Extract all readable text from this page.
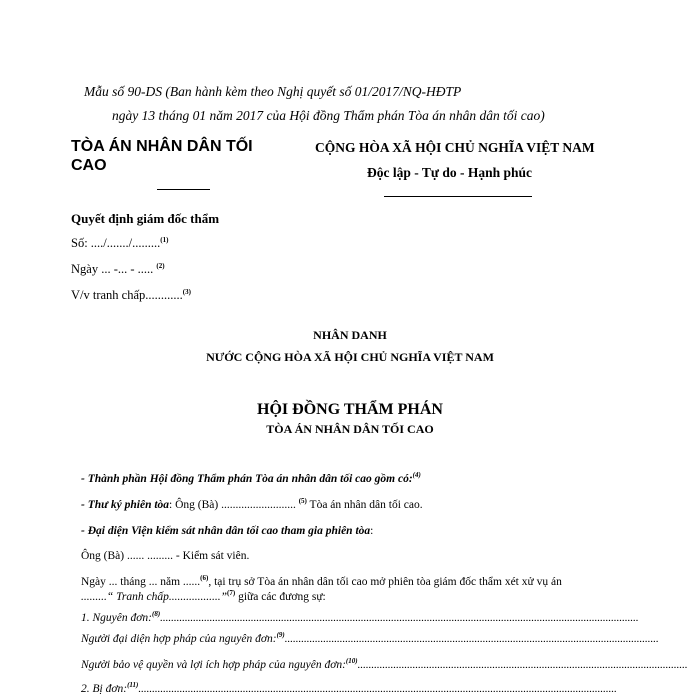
Mẫu số 90-DS (Ban hành kèm theo Nghị quyết số 01/2017/NQ-HĐTP
ngày 13 tháng 01 năm 2017 của Hội đồng Thẩm phán Tòa án nhân dân tối cao)
TÒA ÁN NHÂN DÂN TỐI
CAO
CỘNG HÒA XÃ HỘI CHỦ NGHĨA VIỆT NAM
Độc lập - Tự do - Hạnh phúc
Quyết định giám đốc thẩm
Số: ..../......./.........$^{(1)}$
Ngày ... -... - ..... $^{(2)}$
V/v tranh chấp............$^{(3)}$
NHÂN DANH
NƯỚC CỘNG HÒA XÃ HỘI CHỦ NGHĨA VIỆT NAM
HỘI ĐỒNG THẨM PHÁN
TÒA ÁN NHÂN DÂN TỐI CAO
- Thành phần Hội đồng Thẩm phán Tòa án nhân dân tối cao gồm có:$^{(4)}$
- Thư ký phiên tòa: Ông (Bà) .......................... $^{(5)}$ Tòa án nhân dân tối cao.
- Đại diện Viện kiểm sát nhân dân tối cao tham gia phiên tòa:
Ông (Bà) ...... ......... - Kiểm sát viên.
Ngày ... tháng ... năm ......$^{(6)}$, tại trụ sở Tòa án nhân dân tối cao mở phiên tòa giám đốc thẩm xét xử vụ án
.........“ Tranh chấp..................”$^{(7)}$ giữa các đương sự:
1. Nguyên đơn:$^{(8)}$..............................................................................................................................................................................
Người đại diện hợp pháp của nguyên đơn:$^{(9)}$........................................................................................................................................
Người bảo vệ quyền và lợi ích hợp pháp của nguyên đơn:$^{(10)}$........................................................................................................................
2. Bị đơn:$^{(11)}$..............................................................................................................................................................................
